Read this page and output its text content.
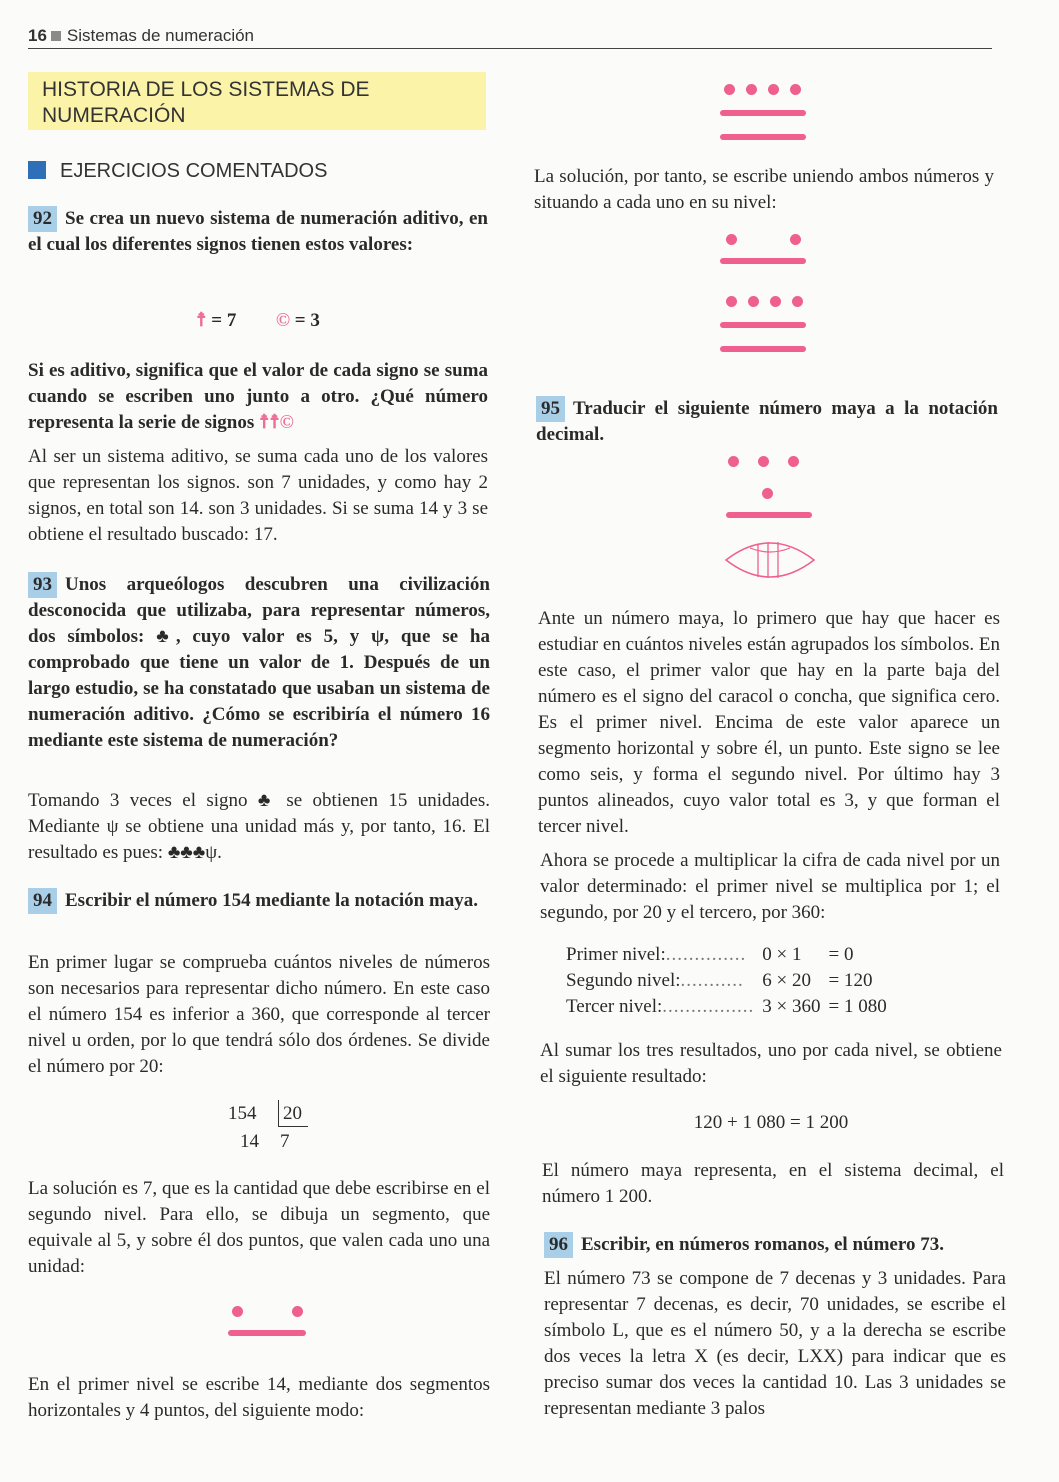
16 Sistemas de numeración
HISTORIA DE LOS SISTEMAS DE
NUMERACIÓN
EJERCICIOS COMENTADOS
92 Se crea un nuevo sistema de numeración aditivo, en el cual los diferentes signos tienen estos valores:
☨ = 7  © = 3
Si es aditivo, significa que el valor de cada signo se suma cuando se escriben uno junto a otro. ¿Qué número representa la serie de signos ☨☨©
Al ser un sistema aditivo, se suma cada uno de los valores que representan los signos. son 7 unidades, y como hay 2 signos, en total son 14. son 3 unidades. Si se suma 14 y 3 se obtiene el resultado buscado: 17.
93 Unos arqueólogos descubren una civilización desconocida que utilizaba, para representar números, dos símbolos: ♣, cuyo valor es 5, y ψ, que se ha comprobado que tiene un valor de 1. Después de un largo estudio, se ha constatado que usaban un sistema de numeración aditivo. ¿Cómo se escribiría el número 16 mediante este sistema de numeración?
Tomando 3 veces el signo ♣ se obtienen 15 unidades. Mediante ψ se obtiene una unidad más y, por tanto, 16. El resultado es pues: ♣♣♣ψ.
94 Escribir el número 154 mediante la notación maya.
En primer lugar se comprueba cuántos niveles de números son necesarios para representar dicho número. En este caso el número 154 es inferior a 360, que corresponde al tercer nivel u orden, por lo que tendrá sólo dos órdenes. Se divide el número por 20:
154 20
14 7
La solución es 7, que es la cantidad que debe escribirse en el segundo nivel. Para ello, se dibuja un segmento, que equivale al 5, y sobre él dos puntos, que valen cada uno una unidad:
En el primer nivel se escribe 14, mediante dos segmentos horizontales y 4 puntos, del siguiente modo:
La solución, por tanto, se escribe uniendo ambos números y situando a cada uno en su nivel:
95 Traducir el siguiente número maya a la notación decimal.
Ante un número maya, lo primero que hay que hacer es estudiar en cuántos niveles están agrupados los símbolos. En este caso, el primer valor que hay en la parte baja del número es el signo del caracol o concha, que significa cero. Es el primer nivel. Encima de este valor aparece un segmento horizontal y sobre él, un punto. Este signo se lee como seis, y forma el segundo nivel. Por último hay 3 puntos alineados, cuyo valor total es 3, y que forman el tercer nivel.
Ahora se procede a multiplicar la cifra de cada nivel por un valor determinado: el primer nivel se multiplica por 1; el segundo, por 20 y el tercero, por 360:
Primer nivel:..............	0 × 1	= 0
Segundo nivel:...........	6 × 20	= 120
Tercer nivel:................	3 × 360	= 1 080
Al sumar los tres resultados, uno por cada nivel, se obtiene el siguiente resultado:
120 + 1 080 = 1 200
El número maya representa, en el sistema decimal, el número 1 200.
96 Escribir, en números romanos, el número 73.
El número 73 se compone de 7 decenas y 3 unidades. Para representar 7 decenas, es decir, 70 unidades, se escribe el símbolo L, que es el número 50, y a la derecha se escribe dos veces la letra X (es decir, LXX) para indicar que es preciso sumar dos veces la cantidad 10. Las 3 unidades se representan mediante 3 palos
